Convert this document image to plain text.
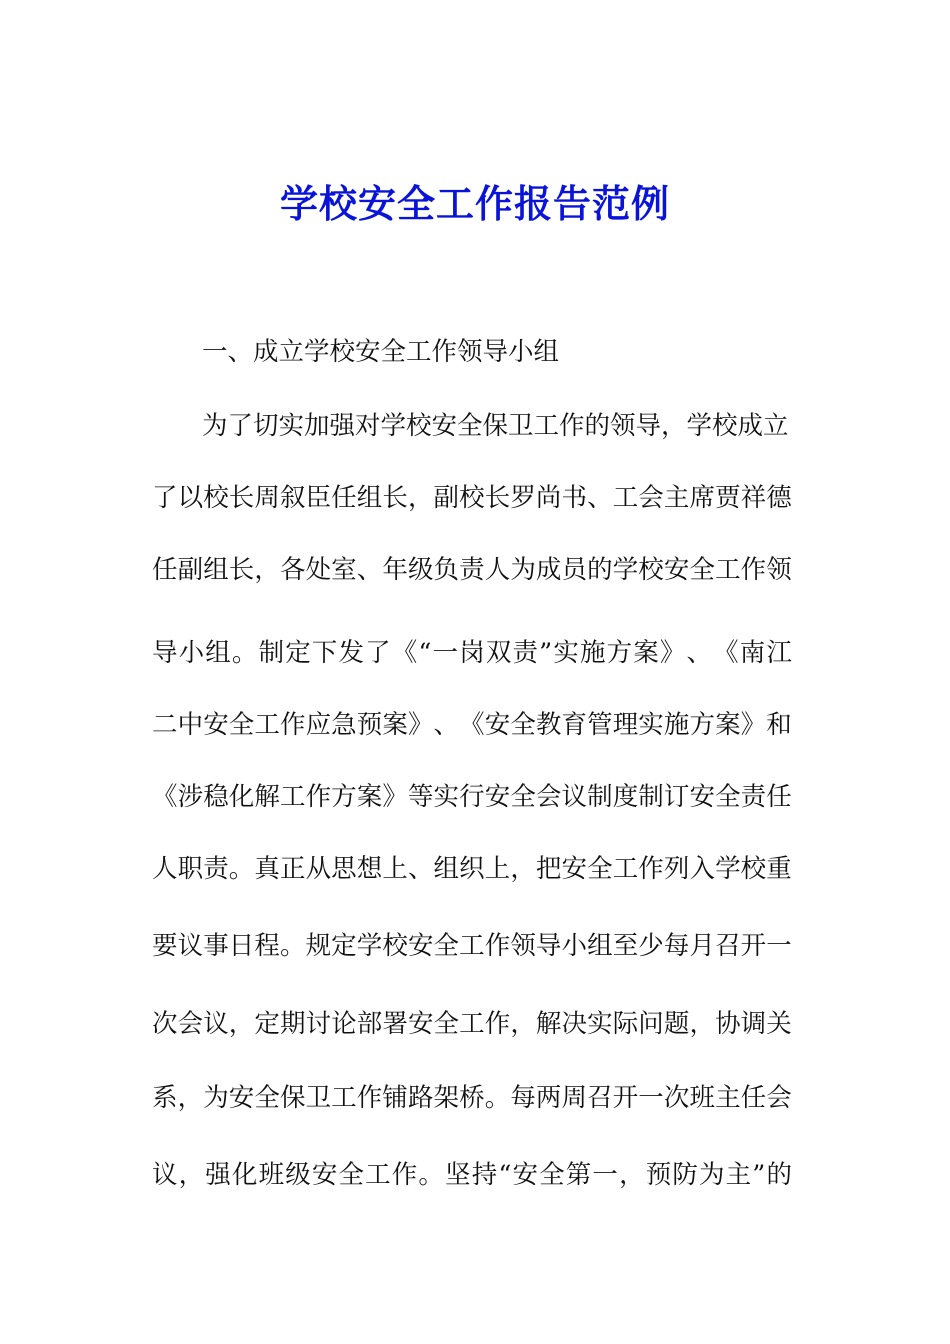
学校安全工作报告范例
一、成立学校安全工作领导小组
为了切实加强对学校安全保卫工作的领导，学校成立
了 以 校 长 周 叙 臣 任 组 长 ， 副 校 长 罗 尚 书 、 工 会 主 席 贾 祥 德
任 副 组 长 ， 各 处 室 、 年 级 负 责 人 为 成 员 的 学 校 安 全 工 作 领
导 小 组 。 制 定 下 发 了 《 “ 一 岗 双 责 ” 实 施 方 案 》 、 《 南 江
二 中 安 全 工 作 应 急 预 案 》 、 《 安 全 教 育 管 理 实 施 方 案 》 和
《 涉 稳 化 解 工 作 方 案 》 等 实 行 安 全 会 议 制 度 制 订 安 全 责 任
人 职 责 。 真 正 从 思 想 上 、 组 织 上 ， 把 安 全 工 作 列 入 学 校 重
要 议 事 日 程 。 规 定 学 校 安 全 工 作 领 导 小 组 至 少 每 月 召 开 一
次 会 议 ， 定 期 讨 论 部 署 安 全 工 作 ， 解 决 实 际 问 题 ， 协 调 关
系 ， 为 安 全 保 卫 工 作 铺 路 架 桥 。 每 两 周 召 开 一 次 班 主 任 会
议 ， 强 化 班 级 安 全 工 作 。 坚 持 “ 安 全 第 一 ， 预 防 为 主 ” 的
